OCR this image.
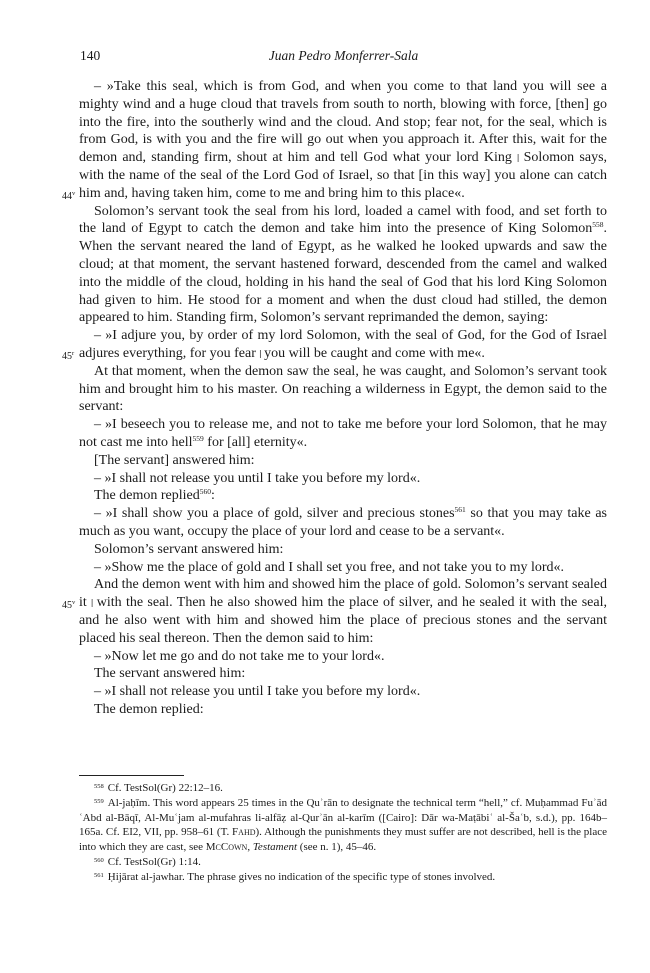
140	Juan Pedro Monferrer-Sala

44$^v$
– »Take this seal, which is from God, and when you come to that land you will see a mighty wind and a huge cloud that travels from south to north, blowing with force, [then] go into the fire, into the southerly wind and the cloud. And stop; fear not, for the seal, which is from God, is with you and the fire will go out when you approach it. After this, wait for the demon and, standing firm, shout at him and tell God what your lord King || Solomon says, with the name of the seal of the Lord God of Israel, so that [in this way] you alone can catch him and, having taken him, come to me and bring him to this place«.

Solomon’s servant took the seal from his lord, loaded a camel with food, and set forth to the land of Egypt to catch the demon and take him into the presence of King Solomon$^{558}$. When the servant neared the land of Egypt, as he walked he looked upwards and saw the cloud; at that moment, the servant hastened forward, descended from the camel and walked into the middle of the cloud, holding in his hand the seal of God that his lord King Solomon had given to him. He stood for a moment and when the dust cloud had stilled, the demon appeared to him. Standing firm, Solomon’s servant reprimanded the demon, saying:

45$^r$
– »I adjure you, by order of my lord Solomon, with the seal of God, for the God of Israel adjures everything, for you fear || you will be caught and come with me«.

At that moment, when the demon saw the seal, he was caught, and Solomon’s servant took him and brought him to his master. On reaching a wilderness in Egypt, the demon said to the servant:

– »I beseech you to release me, and not to take me before your lord Solomon, that he may not cast me into hell$^{559}$ for [all] eternity«.

[The servant] answered him:

– »I shall not release you until I take you before my lord«.

The demon replied$^{560}$:

– »I shall show you a place of gold, silver and precious stones$^{561}$ so that you may take as much as you want, occupy the place of your lord and cease to be a servant«.

Solomon’s servant answered him:

– »Show me the place of gold and I shall set you free, and not take you to my lord«.

45$^v$
And the demon went with him and showed him the place of gold. Solomon’s servant sealed it || with the seal. Then he also showed him the place of silver, and he sealed it with the seal, and he also went with him and showed him the place of precious stones and the servant placed his seal thereon. Then the demon said to him:

– »Now let me go and do not take me to your lord«.

The servant answered him:

– »I shall not release you until I take you before my lord«.

The demon replied:

$^{558}$ Cf. TestSol(Gr) 22:12–16.

$^{559}$ Al-jaḥīm. This word appears 25 times in the Quʾrān to designate the technical term “hell,” cf. Muḥammad Fuʾād ʿAbd al-Bāqī, Al-Muʿjam al-mufahras li-alfāẓ al-Qurʾān al-karīm ([Cairo]: Dār wa-Maṭābiʿ al-Šaʿb, s.d.), pp. 164b–165a. Cf. EI2, VII, pp. 958–61 (T. Fahd). Although the punishments they must suffer are not described, hell is the place into which they are cast, see McCown, Testament (see n. 1), 45–46.

$^{560}$ Cf. TestSol(Gr) 1:14.

$^{561}$ Ḥijārat al-jawhar. The phrase gives no indication of the specific type of stones involved.
